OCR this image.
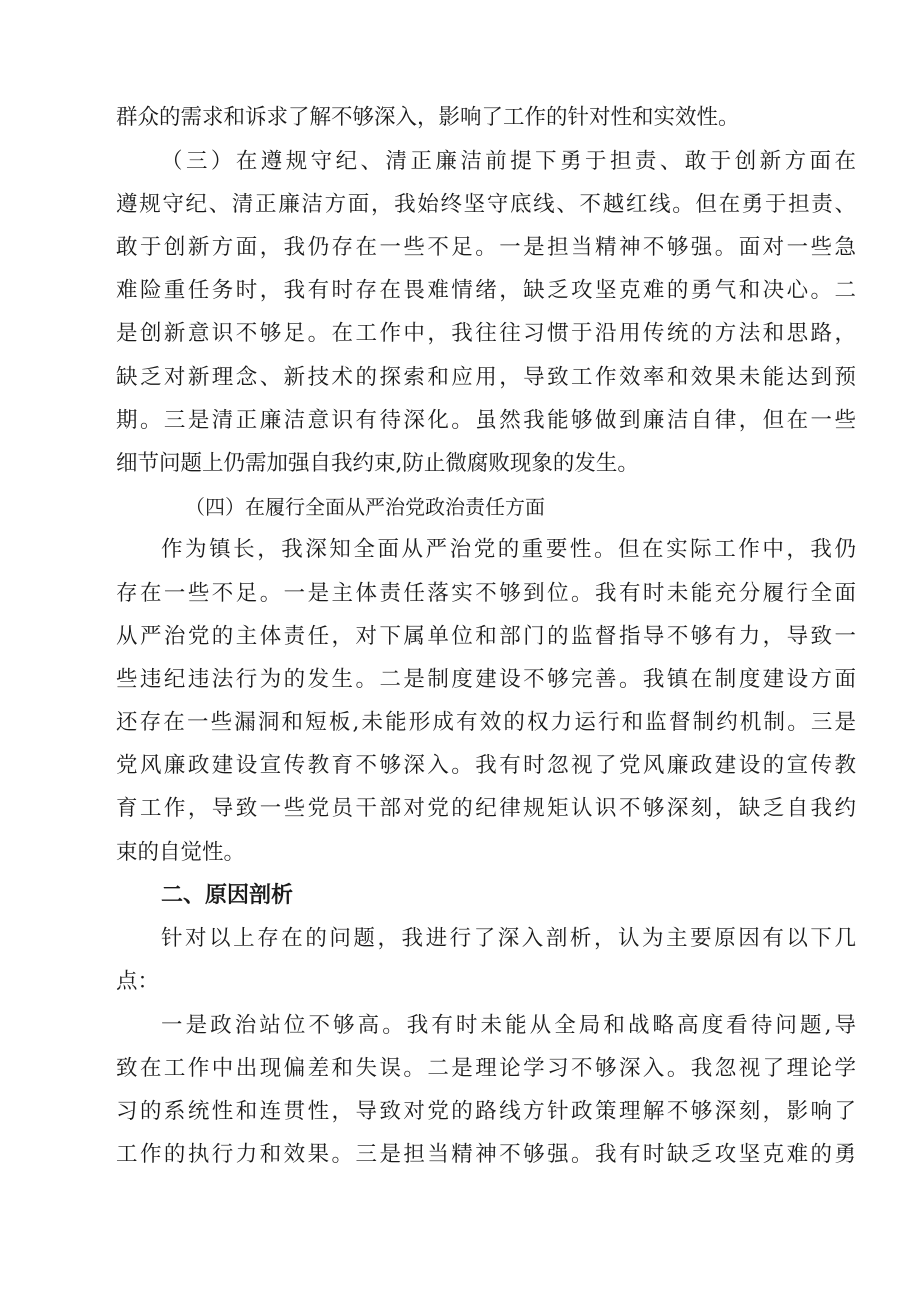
群众的需求和诉求了解不够深入，影响了工作的针对性和实效性。
（三）在遵规守纪、清正廉洁前提下勇于担责、敢于创新方面在
遵规守纪、清正廉洁方面，我始终坚守底线、不越红线。但在勇于担责、
敢于创新方面，我仍存在一些不足。一是担当精神不够强。面对一些急
难险重任务时，我有时存在畏难情绪，缺乏攻坚克难的勇气和决心。二
是创新意识不够足。在工作中，我往往习惯于沿用传统的方法和思路，
缺乏对新理念、新技术的探索和应用，导致工作效率和效果未能达到预
期。三是清正廉洁意识有待深化。虽然我能够做到廉洁自律，但在一些
细节问题上仍需加强自我约束,防止微腐败现象的发生。
（四）在履行全面从严治党政治责任方面
作为镇长，我深知全面从严治党的重要性。但在实际工作中，我仍
存在一些不足。一是主体责任落实不够到位。我有时未能充分履行全面
从严治党的主体责任，对下属单位和部门的监督指导不够有力，导致一
些违纪违法行为的发生。二是制度建设不够完善。我镇在制度建设方面
还存在一些漏洞和短板,未能形成有效的权力运行和监督制约机制。三是
党风廉政建设宣传教育不够深入。我有时忽视了党风廉政建设的宣传教
育工作，导致一些党员干部对党的纪律规矩认识不够深刻，缺乏自我约
束的自觉性。
二、原因剖析
针对以上存在的问题，我进行了深入剖析，认为主要原因有以下几
点：
一是政治站位不够高。我有时未能从全局和战略高度看待问题,导
致在工作中出现偏差和失误。二是理论学习不够深入。我忽视了理论学
习的系统性和连贯性，导致对党的路线方针政策理解不够深刻，影响了
工作的执行力和效果。三是担当精神不够强。我有时缺乏攻坚克难的勇
